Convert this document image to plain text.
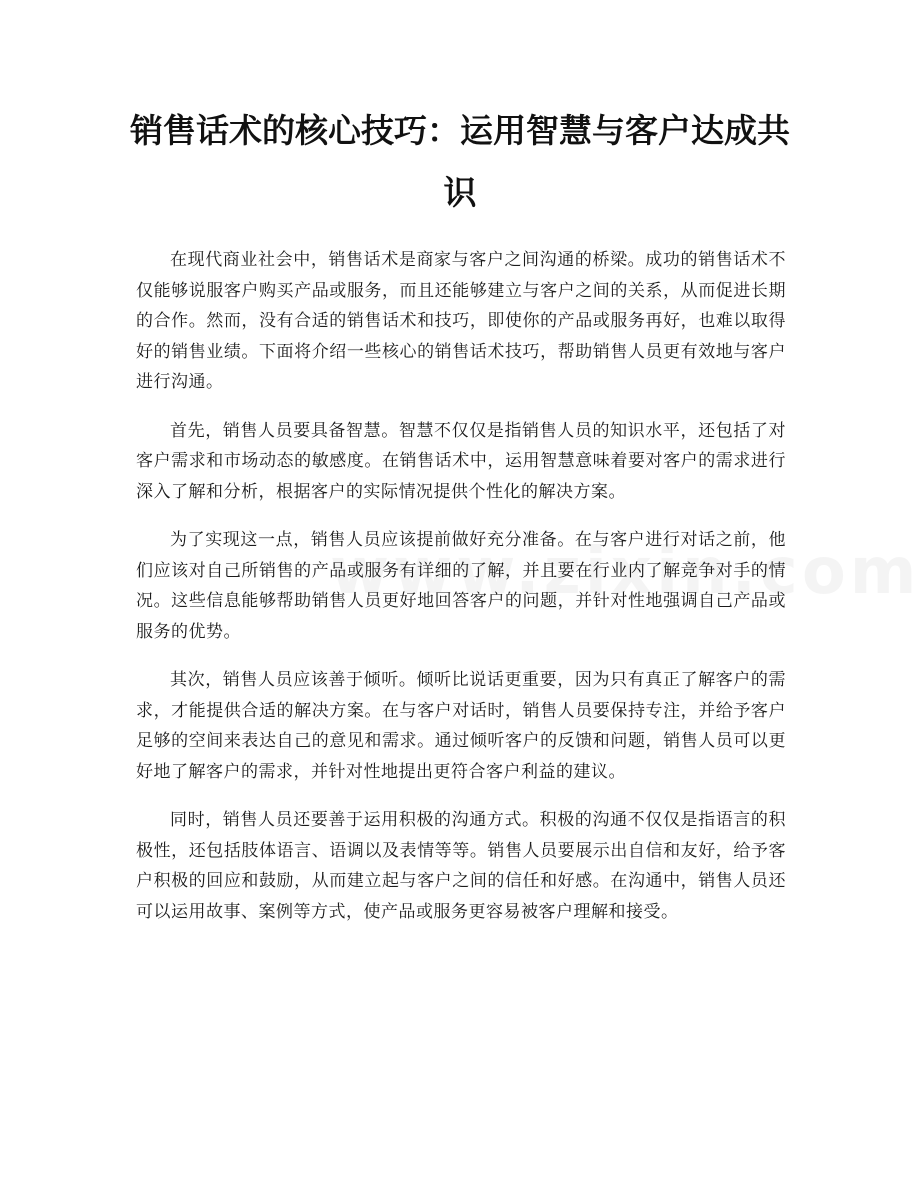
销售话术的核心技巧：运用智慧与客户达成共识

在现代商业社会中，销售话术是商家与客户之间沟通的桥梁。成功的销售话术不仅能够说服客户购买产品或服务，而且还能够建立与客户之间的关系，从而促进长期的合作。然而，没有合适的销售话术和技巧，即使你的产品或服务再好，也难以取得好的销售业绩。下面将介绍一些核心的销售话术技巧，帮助销售人员更有效地与客户进行沟通。

首先，销售人员要具备智慧。智慧不仅仅是指销售人员的知识水平，还包括了对客户需求和市场动态的敏感度。在销售话术中，运用智慧意味着要对客户的需求进行深入了解和分析，根据客户的实际情况提供个性化的解决方案。

为了实现这一点，销售人员应该提前做好充分准备。在与客户进行对话之前，他们应该对自己所销售的产品或服务有详细的了解，并且要在行业内了解竞争对手的情况。这些信息能够帮助销售人员更好地回答客户的问题，并针对性地强调自己产品或服务的优势。

其次，销售人员应该善于倾听。倾听比说话更重要，因为只有真正了解客户的需求，才能提供合适的解决方案。在与客户对话时，销售人员要保持专注，并给予客户足够的空间来表达自己的意见和需求。通过倾听客户的反馈和问题，销售人员可以更好地了解客户的需求，并针对性地提出更符合客户利益的建议。

同时，销售人员还要善于运用积极的沟通方式。积极的沟通不仅仅是指语言的积极性，还包括肢体语言、语调以及表情等等。销售人员要展示出自信和友好，给予客户积极的回应和鼓励，从而建立起与客户之间的信任和好感。在沟通中，销售人员还可以运用故事、案例等方式，使产品或服务更容易被客户理解和接受。
